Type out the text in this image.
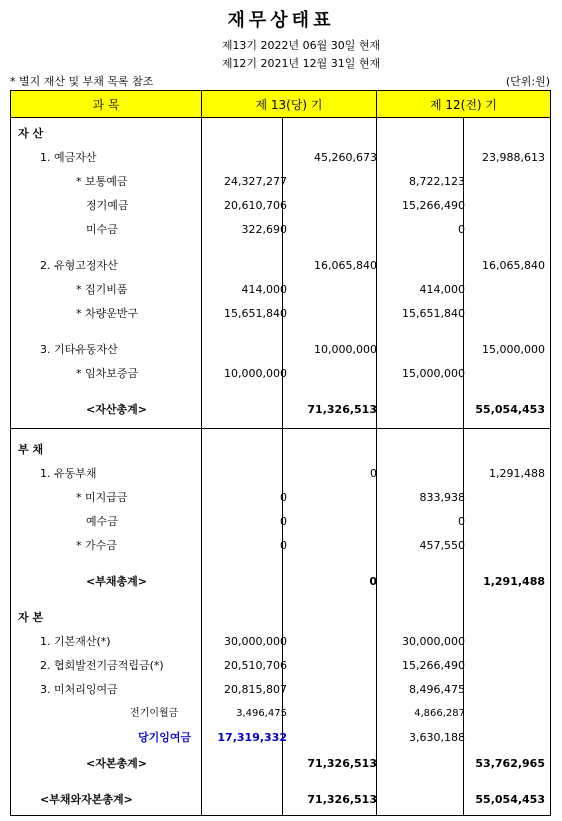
재무상태표
제13기 2022년 06월 30일 현재
제12기 2021년 12월 31일 현재
* 별지 재산 및 부채 목록 참조	(단위:원)
과 목	제 13(당) 기	제 12(전) 기
자 산
1. 예금자산	45,260,673	23,988,613
* 보통예금	24,327,277	8,722,123
정기예금	20,610,706	15,266,490
미수금	322,690	0
2. 유형고정자산	16,065,840	16,065,840
* 집기비품	414,000	414,000
* 차량운반구	15,651,840	15,651,840
3. 기타유동자산	10,000,000	15,000,000
* 임차보증금	10,000,000	15,000,000
<자산총계>	71,326,513	55,054,453
부 채
1. 유동부채	0	1,291,488
* 미지급금	0	833,938
예수금	0	0
* 가수금	0	457,550
<부채총계>	0	1,291,488
자 본
1. 기본재산(*)	30,000,000	30,000,000
2. 협회발전기금적립금(*)	20,510,706	15,266,490
3. 미처리잉여금	20,815,807	8,496,475
전기이월금	3,496,475	4,866,287
당기잉여금 17,319,332	3,630,188
<자본총계>	71,326,513	53,762,965
<부채와자본총계>	71,326,513	55,054,453
